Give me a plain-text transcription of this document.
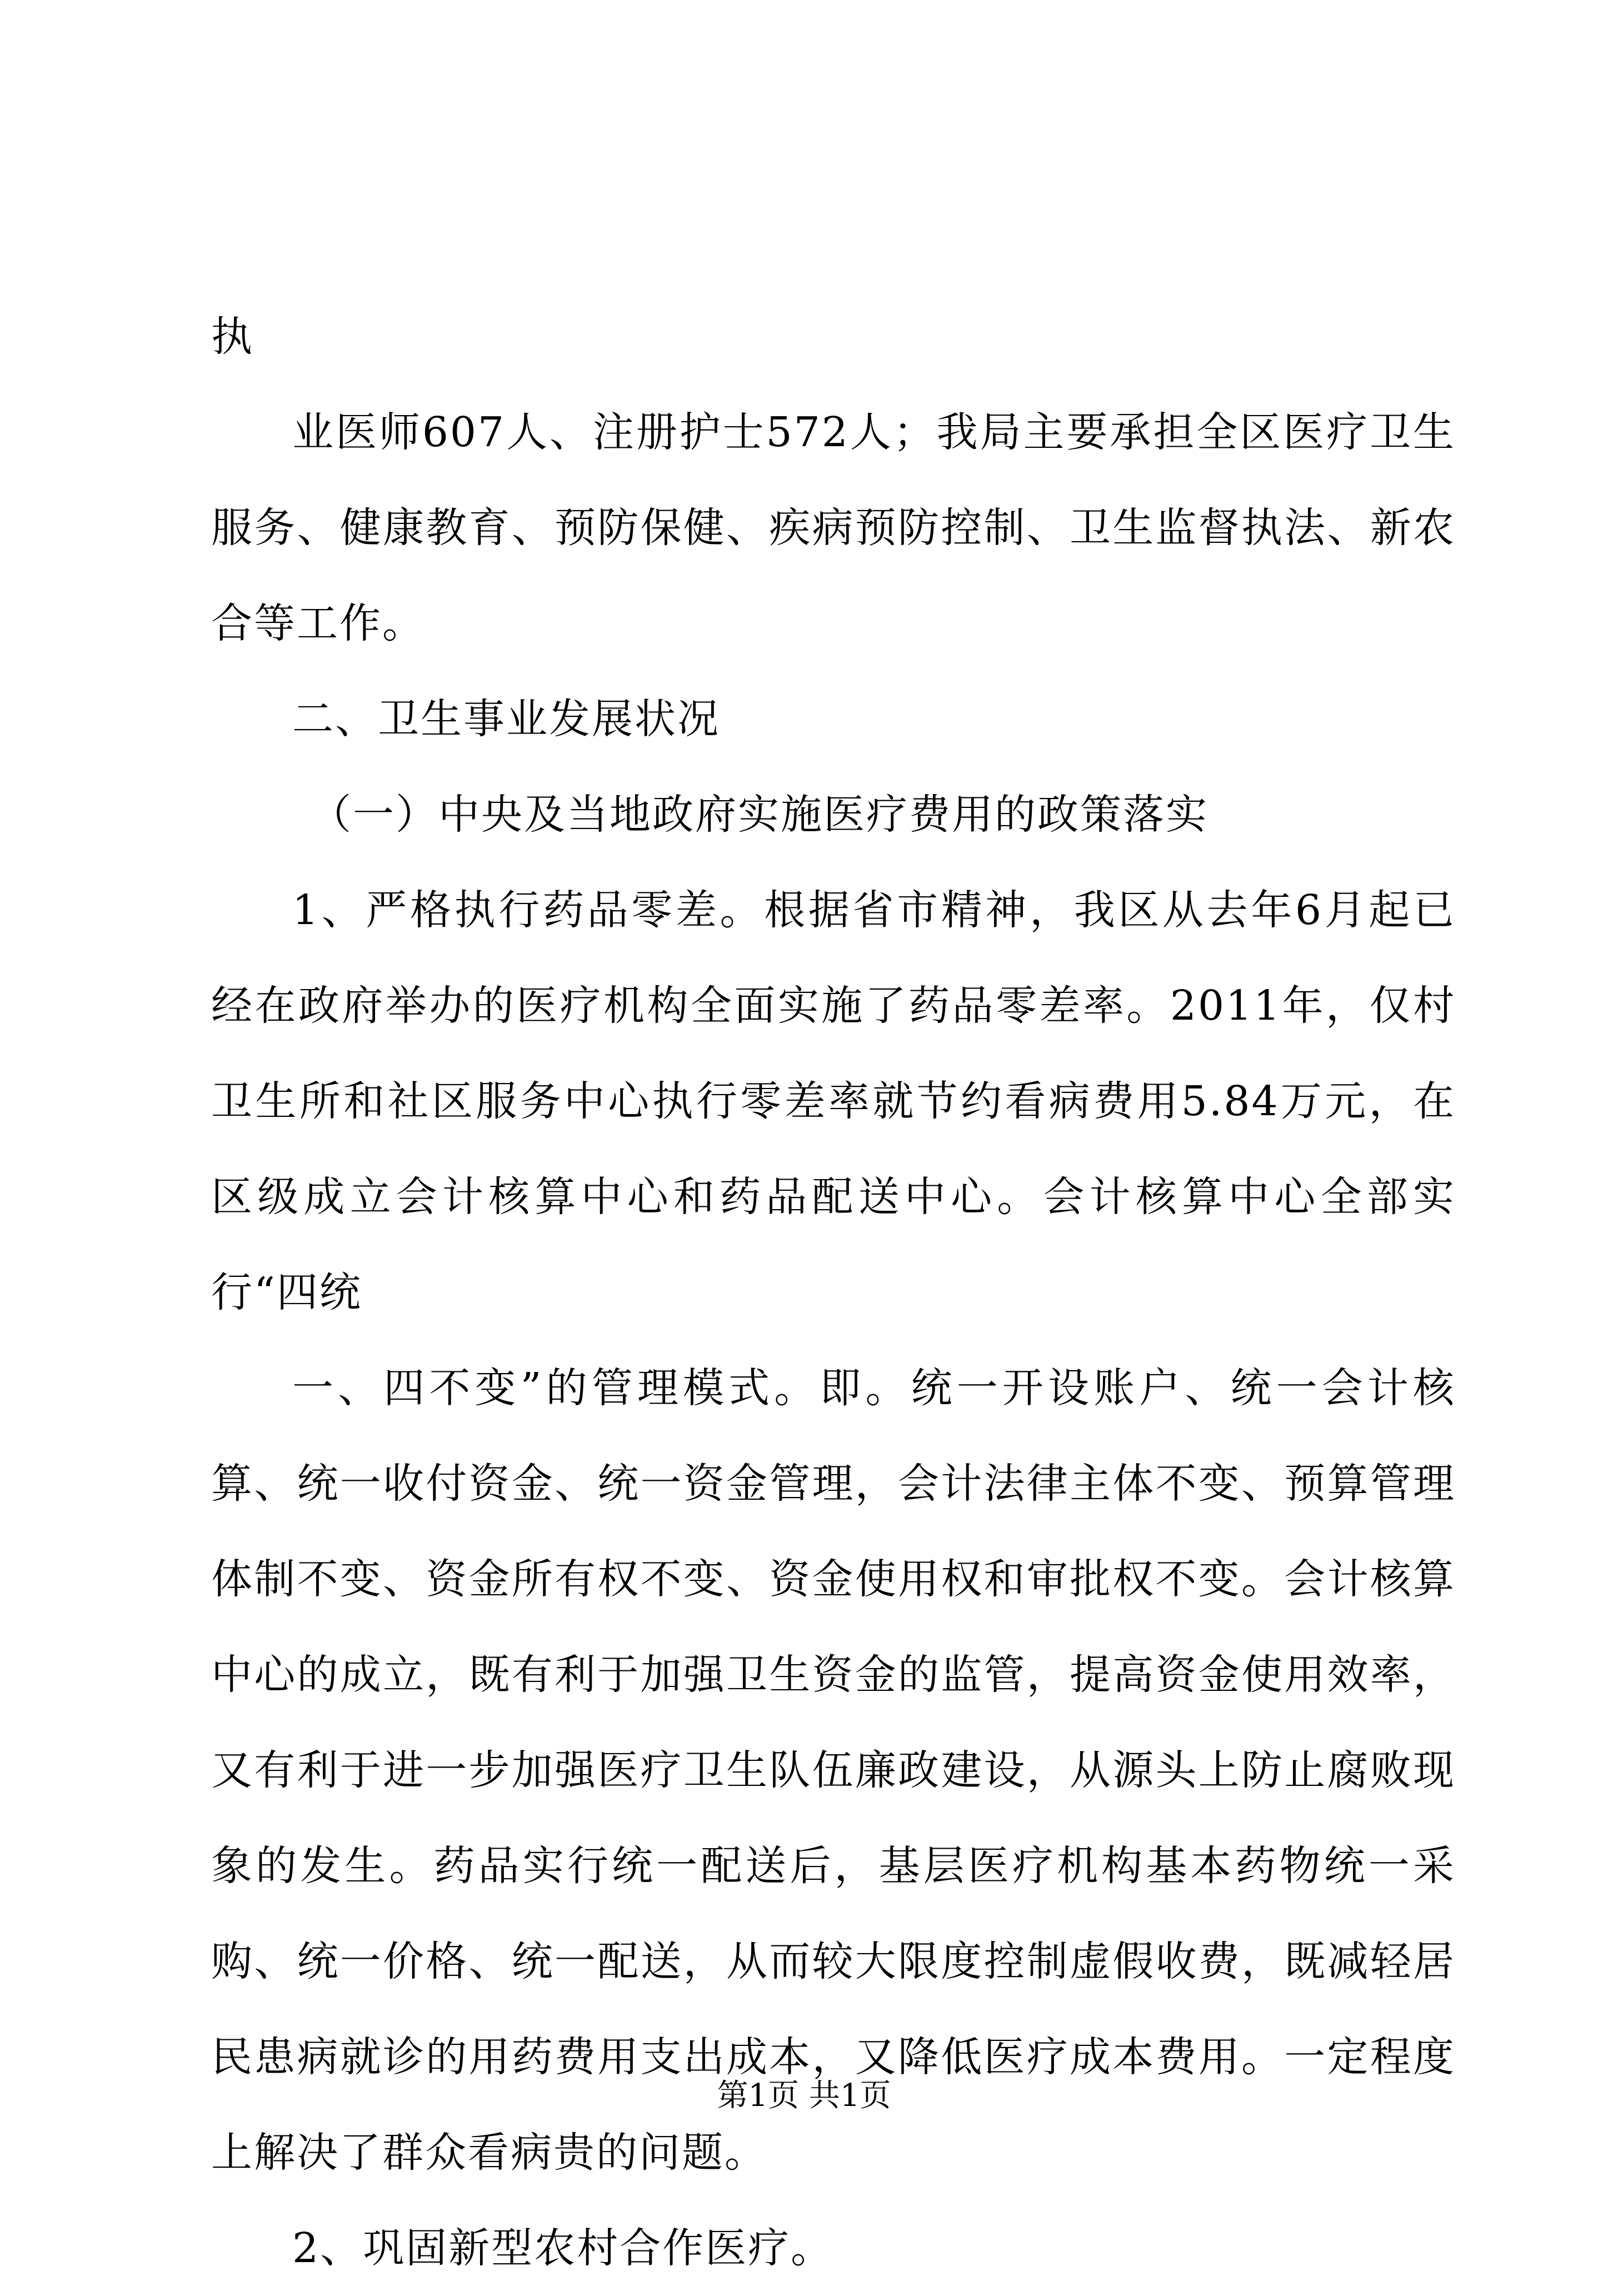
执

业医师607人、注册护士572人；我局主要承担全区医疗卫生服务、健康教育、预防保健、疾病预防控制、卫生监督执法、新农合等工作。

二、卫生事业发展状况

（一）中央及当地政府实施医疗费用的政策落实

1、严格执行药品零差。根据省市精神，我区从去年6月起已经在政府举办的医疗机构全面实施了药品零差率。2011年，仅村卫生所和社区服务中心执行零差率就节约看病费用5.84万元，在区级成立会计核算中心和药品配送中心。会计核算中心全部实行“四统

一、四不变”的管理模式。即。统一开设账户、统一会计核算、统一收付资金、统一资金管理，会计法律主体不变、预算管理体制不变、资金所有权不变、资金使用权和审批权不变。会计核算中心的成立，既有利于加强卫生资金的监管，提高资金使用效率，又有利于进一步加强医疗卫生队伍廉政建设，从源头上防止腐败现象的发生。药品实行统一配送后，基层医疗机构基本药物统一采购、统一价格、统一配送，从而较大限度控制虚假收费，既减轻居民患病就诊的用药费用支出成本，又降低医疗成本费用。一定程度上解决了群众看病贵的问题。

2、巩固新型农村合作医疗。

第1页 共1页
